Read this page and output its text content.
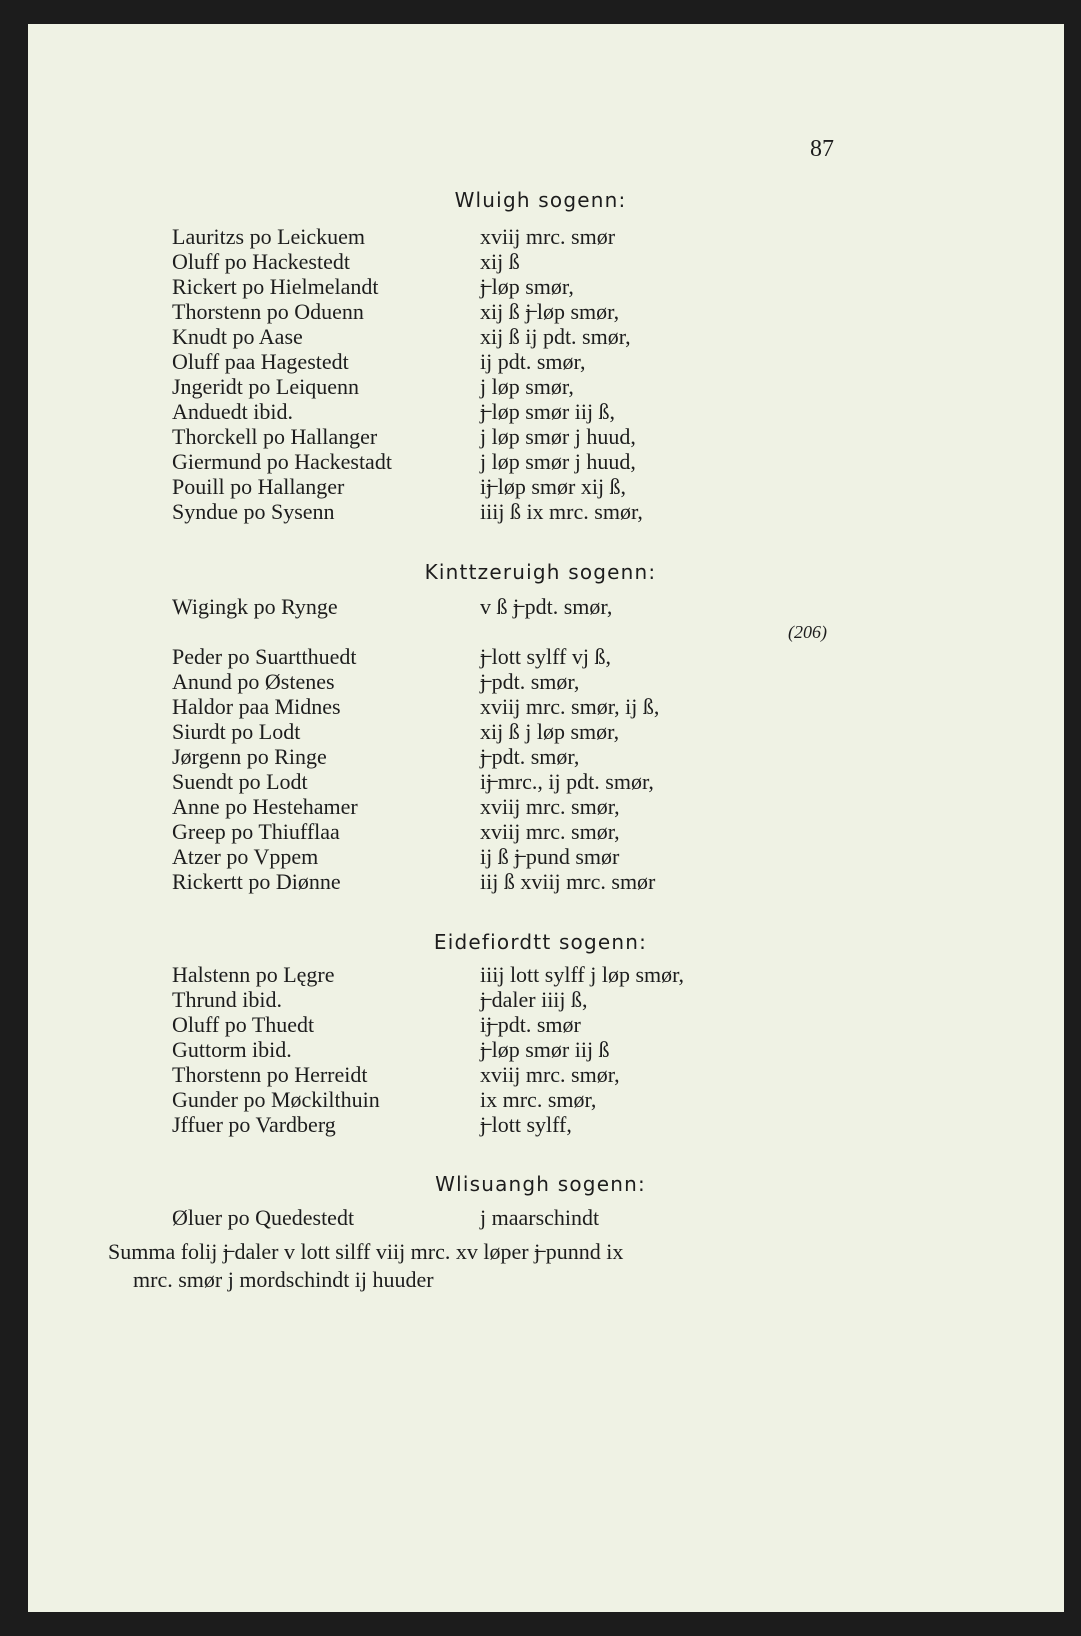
87
(206)
Wluigh sogenn:
Lauritzs po Leickuem	xviij mrc. smør
Oluff po Hackestedt	xij ß
Rickert po Hielmelandt	j̶ løp smør,
Thorstenn po Oduenn	xij ß j̶ løp smør,
Knudt po Aase	xij ß ij pdt. smør,
Oluff paa Hagestedt	ij pdt. smør,
Jngeridt po Leiquenn	j løp smør,
Anduedt ibid.	j̶ løp smør iij ß,
Thorckell po Hallanger	j løp smør j huud,
Giermund po Hackestadt	j løp smør j huud,
Pouill po Hallanger	ij̶ løp smør xij ß,
Syndue po Sysenn	iiij ß ix mrc. smør,
Kinttzeruigh sogenn:
Wigingk po Rynge	v ß j̶ pdt. smør,
Peder po Suartthuedt	j̶ lott sylff vj ß,
Anund po Østenes	j̶ pdt. smør,
Haldor paa Midnes	xviij mrc. smør, ij ß,
Siurdt po Lodt	xij ß j løp smør,
Jørgenn po Ringe	j̶ pdt. smør,
Suendt po Lodt	ij̶ mrc., ij pdt. smør,
Anne po Hestehamer	xviij mrc. smør,
Greep po Thiufflaa	xviij mrc. smør,
Atzer po Vppem	ij ß j̶ pund smør
Rickertt po Diønne	iij ß xviij mrc. smør
Eidefiordtt sogenn:
Halstenn po Lęgre	iiij lott sylff j løp smør,
Thrund ibid.	j̶ daler iiij ß,
Oluff po Thuedt	ij̶ pdt. smør
Guttorm ibid.	j̶ løp smør iij ß
Thorstenn po Herreidt	xviij mrc. smør,
Gunder po Møckilthuin	ix mrc. smør,
Jffuer po Vardberg	j̶ lott sylff,
Wlisuangh sogenn:
Øluer po Quedestedt	j maarschindt
Summa folij j̶ daler v lott silff viij mrc. xv løper j̶ punnd ix
mrc. smør j mordschindt ij huuder
